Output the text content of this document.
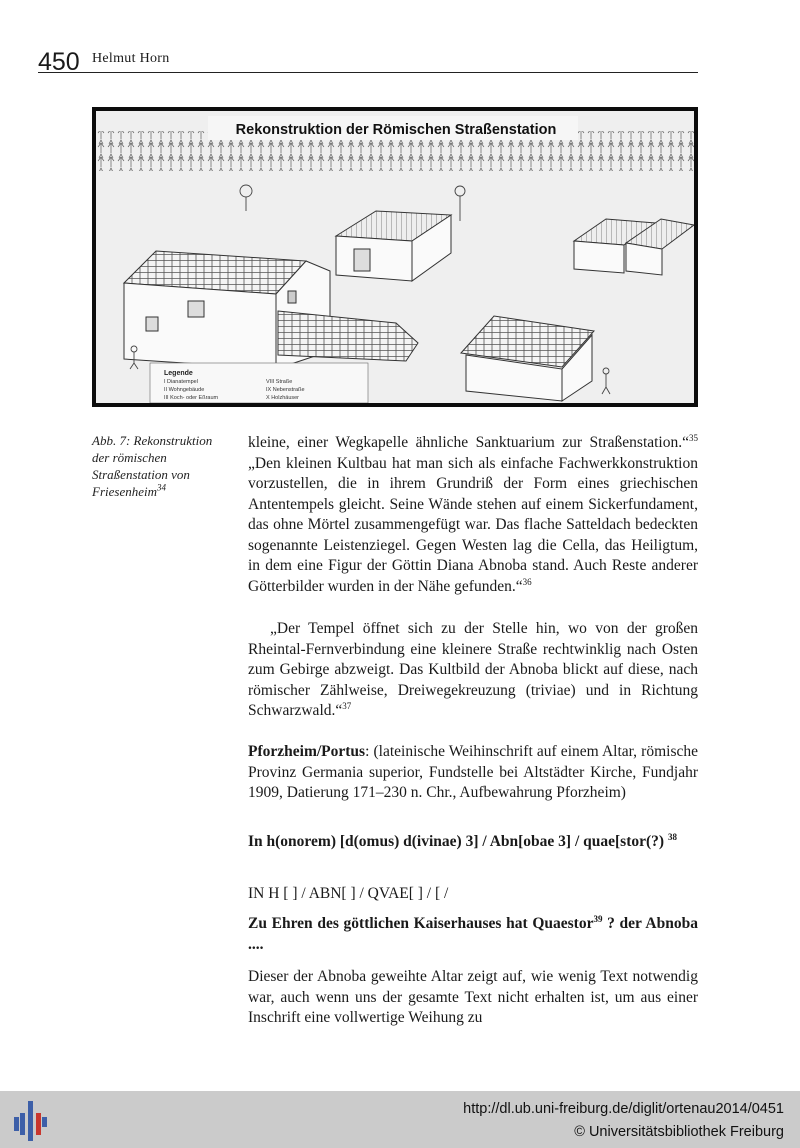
450 Helmut Horn
Rekonstruktion der Römischen Straßenstation
Legende
I Dianatempel
II Wohngebäude
III Koch- oder Eßraum
VIII Straße
IX Nebenstraße
X Holzhäuser
Abb. 7: Rekonstruktion der römischen Straßenstation von Friesenheim$^{34}$

kleine, einer Wegkapelle ähnliche Sanktuarium zur Straßenstation.“$^{35}$ „Den kleinen Kultbau hat man sich als einfache Fachwerkkonstruktion vorzustellen, die in ihrem Grundriß der Form eines griechischen Antentempels gleicht. Seine Wände stehen auf einem Sickerfundament, das ohne Mörtel zusammengefügt war. Das flache Satteldach bedeckten sogenannte Leistenziegel. Gegen Westen lag die Cella, das Heiligtum, in dem eine Figur der Göttin Diana Abnoba stand. Auch Reste anderer Götterbilder wurden in der Nähe gefunden.“$^{36}$

„Der Tempel öffnet sich zu der Stelle hin, wo von der großen Rheintal-Fernverbindung eine kleinere Straße rechtwinklig nach Osten zum Gebirge abzweigt. Das Kultbild der Abnoba blickt auf diese, nach römischer Zählweise, Dreiwegekreuzung (triviae) und in Richtung Schwarzwald.“$^{37}$

Pforzheim/Portus: (lateinische Weihinschrift auf einem Altar, römische Provinz Germania superior, Fundstelle bei Altstädter Kirche, Fundjahr 1909, Datierung 171–230 n. Chr., Aufbewahrung Pforzheim)

In h(onorem) [d(omus) d(ivinae) 3] / Abn[obae 3] / quae[stor(?) $^{38}$

IN H [ ] / ABN[ ] / QVAE[ ] / [ /

Zu Ehren des göttlichen Kaiserhauses hat Quaestor$^{39}$ ? der Abnoba ....

Dieser der Abnoba geweihte Altar zeigt auf, wie wenig Text notwendig war, auch wenn uns der gesamte Text nicht erhalten ist, um aus einer Inschrift eine vollwertige Weihung zu

http://dl.ub.uni-freiburg.de/diglit/ortenau2014/0451
© Universitätsbibliothek Freiburg
